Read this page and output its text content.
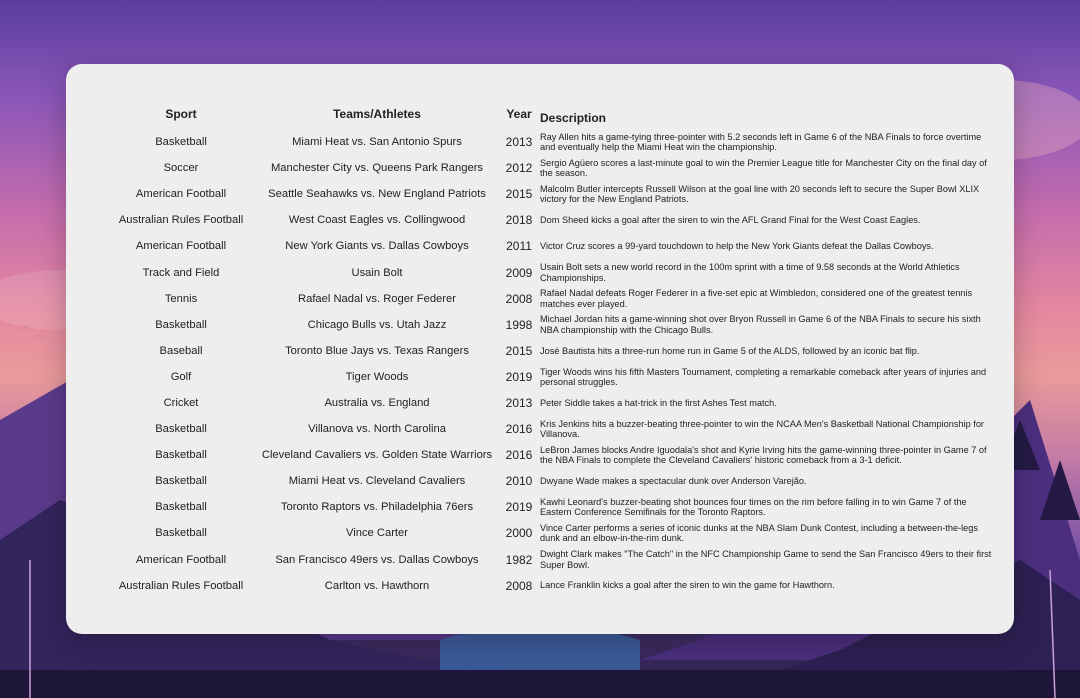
Sport	Teams/Athletes	Year	Description
Basketball	Miami Heat vs. San Antonio Spurs	2013	Ray Allen hits a game-tying three-pointer with 5.2 seconds left in Game 6 of the NBA Finals to force overtime and eventually help the Miami Heat win the championship.
Soccer	Manchester City vs. Queens Park Rangers	2012	Sergio Agüero scores a last-minute goal to win the Premier League title for Manchester City on the final day of the season.
American Football	Seattle Seahawks vs. New England Patriots	2015	Malcolm Butler intercepts Russell Wilson at the goal line with 20 seconds left to secure the Super Bowl XLIX victory for the New England Patriots.
Australian Rules Football	West Coast Eagles vs. Collingwood	2018	Dom Sheed kicks a goal after the siren to win the AFL Grand Final for the West Coast Eagles.
American Football	New York Giants vs. Dallas Cowboys	2011	Victor Cruz scores a 99-yard touchdown to help the New York Giants defeat the Dallas Cowboys.
Track and Field	Usain Bolt	2009	Usain Bolt sets a new world record in the 100m sprint with a time of 9.58 seconds at the World Athletics Championships.
Tennis	Rafael Nadal vs. Roger Federer	2008	Rafael Nadal defeats Roger Federer in a five-set epic at Wimbledon, considered one of the greatest tennis matches ever played.
Basketball	Chicago Bulls vs. Utah Jazz	1998	Michael Jordan hits a game-winning shot over Bryon Russell in Game 6 of the NBA Finals to secure his sixth NBA championship with the Chicago Bulls.
Baseball	Toronto Blue Jays vs. Texas Rangers	2015	José Bautista hits a three-run home run in Game 5 of the ALDS, followed by an iconic bat flip.
Golf	Tiger Woods	2019	Tiger Woods wins his fifth Masters Tournament, completing a remarkable comeback after years of injuries and personal struggles.
Cricket	Australia vs. England	2013	Peter Siddle takes a hat-trick in the first Ashes Test match.
Basketball	Villanova vs. North Carolina	2016	Kris Jenkins hits a buzzer-beating three-pointer to win the NCAA Men's Basketball National Championship for Villanova.
Basketball	Cleveland Cavaliers vs. Golden State Warriors	2016	LeBron James blocks Andre Iguodala's shot and Kyrie Irving hits the game-winning three-pointer in Game 7 of the NBA Finals to complete the Cleveland Cavaliers' historic comeback from a 3-1 deficit.
Basketball	Miami Heat vs. Cleveland Cavaliers	2010	Dwyane Wade makes a spectacular dunk over Anderson Varejão.
Basketball	Toronto Raptors vs. Philadelphia 76ers	2019	Kawhi Leonard's buzzer-beating shot bounces four times on the rim before falling in to win Game 7 of the Eastern Conference Semifinals for the Toronto Raptors.
Basketball	Vince Carter	2000	Vince Carter performs a series of iconic dunks at the NBA Slam Dunk Contest, including a between-the-legs dunk and an elbow-in-the-rim dunk.
American Football	San Francisco 49ers vs. Dallas Cowboys	1982	Dwight Clark makes "The Catch" in the NFC Championship Game to send the San Francisco 49ers to their first Super Bowl.
Australian Rules Football	Carlton vs. Hawthorn	2008	Lance Franklin kicks a goal after the siren to win the game for Hawthorn.
